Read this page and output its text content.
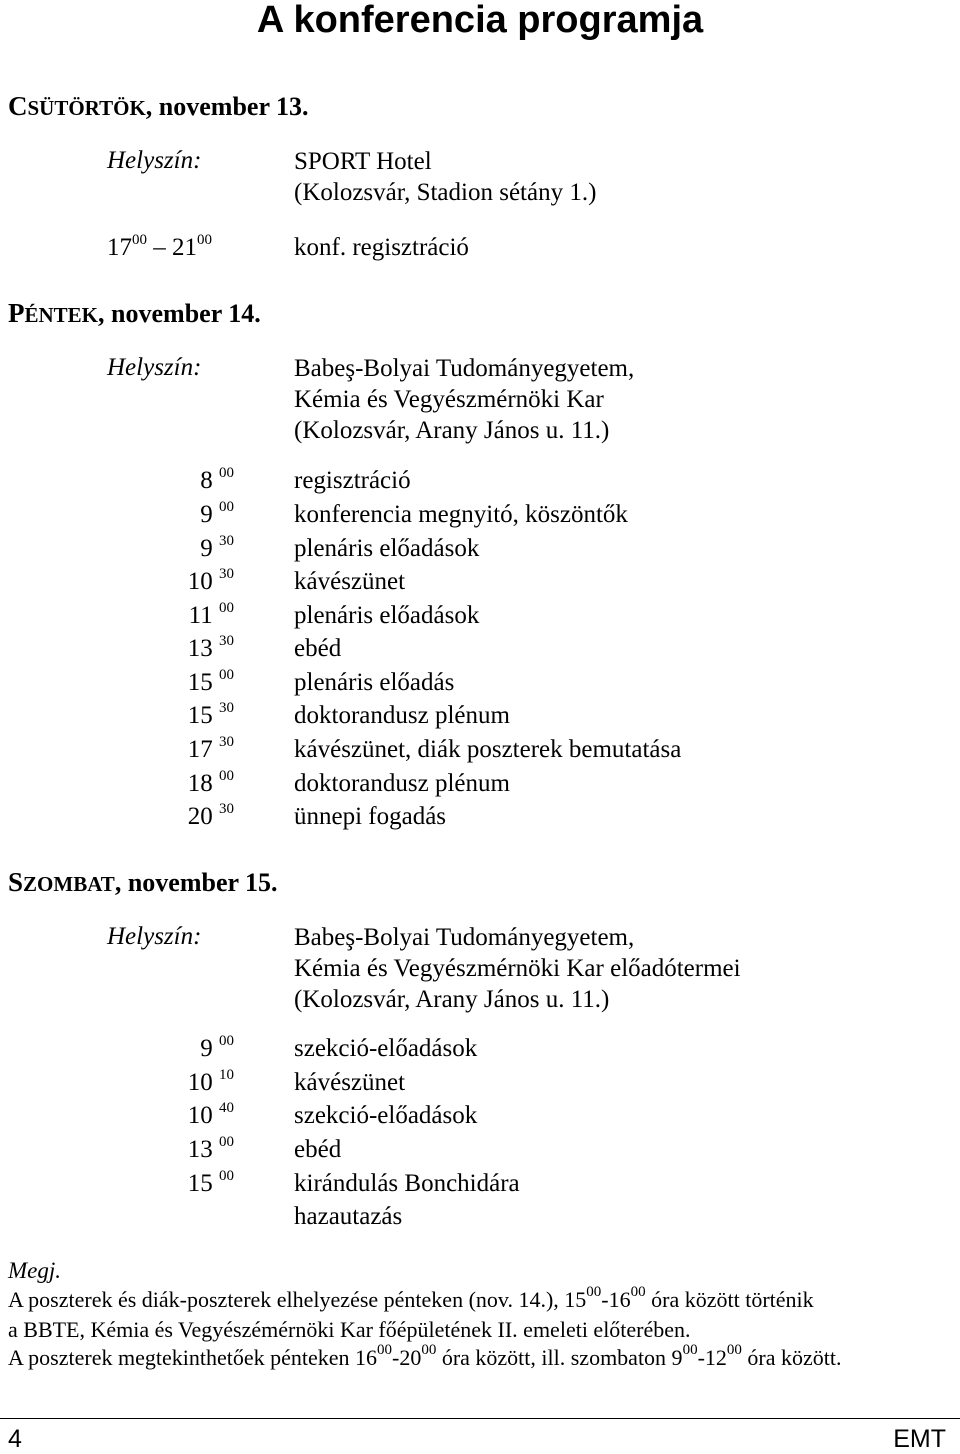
A konferencia programja
CSÜTÖRTÖK, november 13.
Helyszín:	SPORT Hotel
(Kolozsvár, Stadion sétány 1.)
$17^{00} - 21^{00}$	konf. regisztráció
PÉNTEK, november 14.
Helyszín:	Babeş-Bolyai Tudományegyetem,
Kémia és Vegyészmérnöki Kar
(Kolozsvár, Arany János u. 11.)
8 $^{00}$ regisztráció
9 $^{00}$ konferencia megnyitó, köszöntők
9 $^{30}$ plenáris előadások
10 $^{30}$ kávészünet
11 $^{00}$ plenáris előadások
13 $^{30}$ ebéd
15 $^{00}$ plenáris előadás
15 $^{30}$ doktorandusz plénum
17 $^{30}$ kávészünet, diák poszterek bemutatása
18 $^{00}$ doktorandusz plénum
20 $^{30}$ ünnepi fogadás
SZOMBAT, november 15.
Helyszín:	Babeş-Bolyai Tudományegyetem,
Kémia és Vegyészmérnöki Kar előadótermei
(Kolozsvár, Arany János u. 11.)
9 $^{00}$ szekció-előadások
10 $^{10}$ kávészünet
10 $^{40}$ szekció-előadások
13 $^{00}$ ebéd
15 $^{00}$ kirándulás Bonchidára
hazautazás
Megj.
A poszterek és diák-poszterek elhelyezése pénteken (nov. 14.), $15^{00}-16^{00}$ óra között történik
a BBTE, Kémia és Vegyészémérnöki Kar főépületének II. emeleti előterében.
A poszterek megtekinthetőek pénteken $16^{00}-20^{00}$ óra között, ill. szombaton $9^{00}-12^{00}$ óra között.
4	EMT
